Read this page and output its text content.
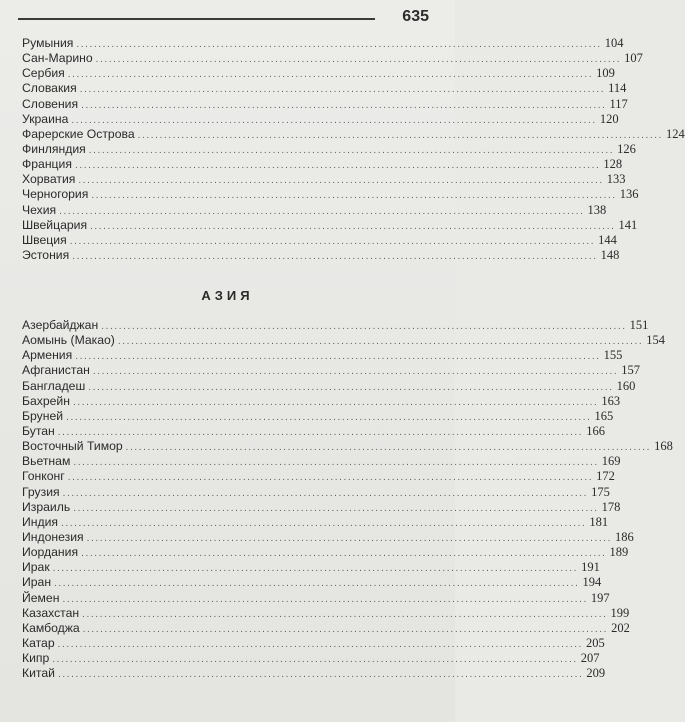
635
Румыния ........................................................................................................................ 104
Сан-Марино ........................................................................................................................ 107
Сербия ........................................................................................................................ 109
Словакия ........................................................................................................................ 114
Словения ........................................................................................................................ 117
Украина ........................................................................................................................ 120
Фарерские Острова ........................................................................................................................ 124
Финляндия ........................................................................................................................ 126
Франция ........................................................................................................................ 128
Хорватия ........................................................................................................................ 133
Черногория ........................................................................................................................ 136
Чехия ........................................................................................................................ 138
Швейцария ........................................................................................................................ 141
Швеция ........................................................................................................................ 144
Эстония ........................................................................................................................ 148
АЗИЯ
Азербайджан ........................................................................................................................ 151
Аомынь (Макао) ........................................................................................................................ 154
Армения ........................................................................................................................ 155
Афганистан ........................................................................................................................ 157
Бангладеш ........................................................................................................................ 160
Бахрейн ........................................................................................................................ 163
Бруней ........................................................................................................................ 165
Бутан ........................................................................................................................ 166
Восточный Тимор ........................................................................................................................ 168
Вьетнам ........................................................................................................................ 169
Гонконг ........................................................................................................................ 172
Грузия ........................................................................................................................ 175
Израиль ........................................................................................................................ 178
Индия ........................................................................................................................ 181
Индонезия ........................................................................................................................ 186
Иордания ........................................................................................................................ 189
Ирак ........................................................................................................................ 191
Иран ........................................................................................................................ 194
Йемен ........................................................................................................................ 197
Казахстан ........................................................................................................................ 199
Камбоджа ........................................................................................................................ 202
Катар ........................................................................................................................ 205
Кипр ........................................................................................................................ 207
Китай ........................................................................................................................ 209
